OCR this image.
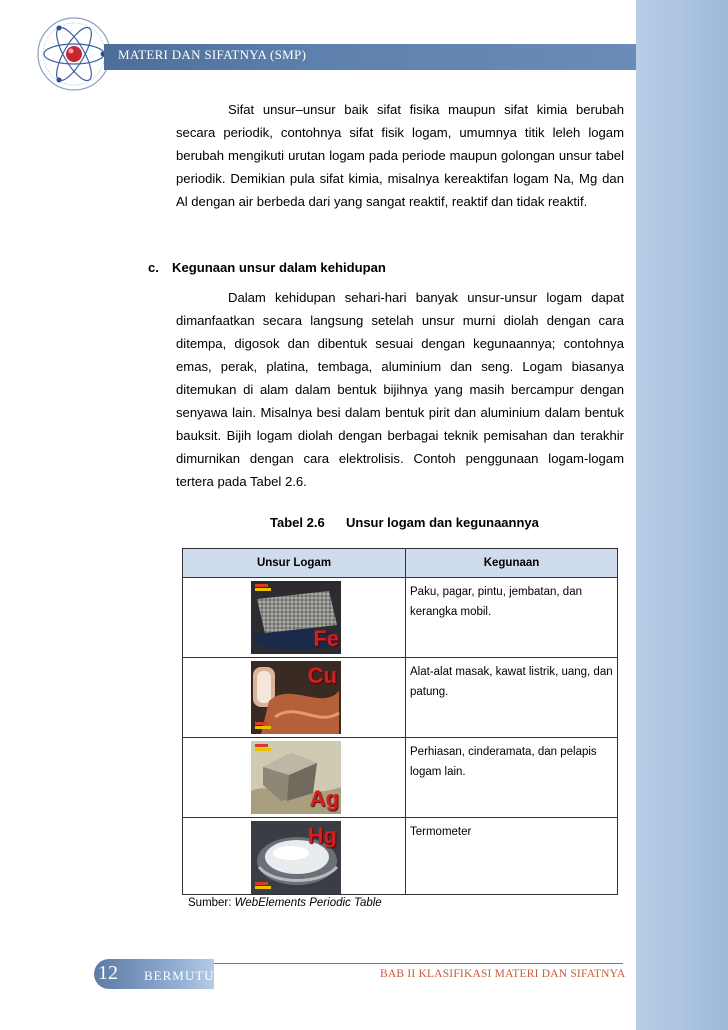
MATERI DAN SIFATNYA (SMP)
Sifat unsur–unsur baik sifat fisika maupun sifat kimia berubah secara periodik, contohnya sifat fisik logam, umumnya titik leleh logam berubah mengikuti urutan logam pada periode maupun golongan unsur tabel periodik. Demikian pula sifat kimia, misalnya kereaktifan logam Na, Mg dan Al dengan air berbeda dari yang sangat reaktif, reaktif dan tidak reaktif.
c. Kegunaan unsur dalam kehidupan
Dalam kehidupan sehari-hari banyak unsur-unsur logam dapat dimanfaatkan secara langsung setelah unsur murni diolah dengan cara ditempa, digosok dan dibentuk sesuai dengan kegunaannya; contohnya emas, perak, platina, tembaga, aluminium dan seng. Logam biasanya ditemukan di alam dalam bentuk bijihnya yang masih bercampur dengan senyawa lain. Misalnya besi dalam bentuk pirit dan aluminium dalam bentuk bauksit. Bijih logam diolah dengan berbagai teknik pemisahan dan terakhir dimurnikan dengan cara elektrolisis. Contoh penggunaan logam-logam tertera pada Tabel 2.6.
Tabel 2.6 Unsur logam dan kegunaannya
Unsur Logam	Kegunaan

Fe	Paku, pagar, pintu, jembatan, dan kerangka mobil.

Cu	Alat-alat masak, kawat listrik, uang, dan patung.

Ag	Perhiasan, cinderamata, dan pelapis logam lain.

Hg	Termometer
Sumber: WebElements Periodic Table
12 BERMUTU	BAB II KLASIFIKASI MATERI DAN SIFATNYA
